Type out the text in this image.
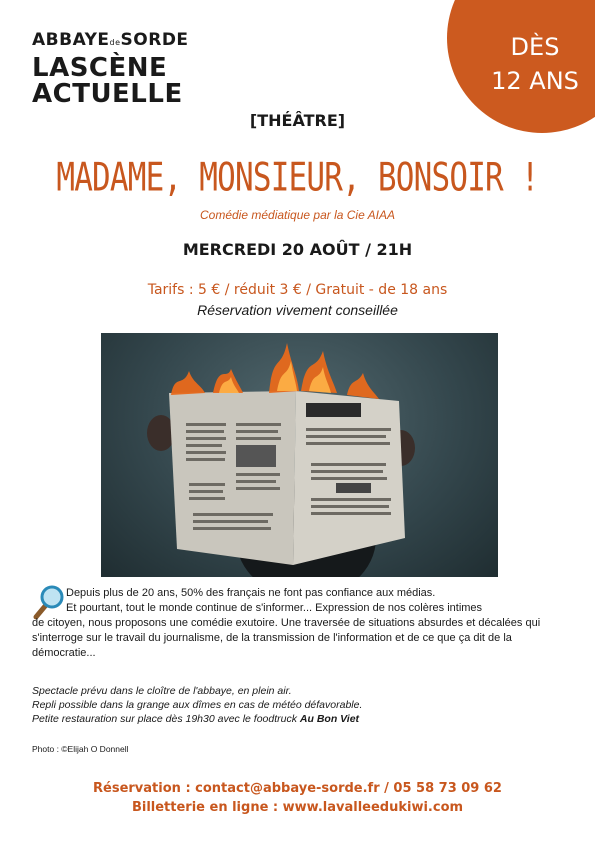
ABBAYEdeSORDE
LASCÈNE
ACTUELLE
DÈS
12 ANS
[THÉÂTRE]
MADAME, MONSIEUR, BONSOIR !
Comédie médiatique par la Cie AIAA
MERCREDI 20 AOÛT / 21H
Tarifs : 5 € / réduit 3 € / Gratuit - de 18 ans
Réservation vivement conseillée

Depuis plus de 20 ans, 50% des français ne font pas confiance aux médias.

Et pourtant, tout le monde continue de s'informer... Expression de nos colères intimes

de citoyen, nous proposons une comédie exutoire. Une traversée de situations absurdes et décalées qui s'interroge sur le travail du journalisme, de la transmission de l'information et de ce que ça dit de la démocratie...

Spectacle prévu dans le cloître de l'abbaye, en plein air.

Repli possible dans la grange aux dîmes en cas de météo défavorable.

Petite restauration sur place dès 19h30 avec le foodtruck Au Bon Viet

Photo : ©Elijah O Donnell
Réservation : contact@abbaye-sorde.fr / 05 58 73 09 62
Billetterie en ligne : www.lavalleedukiwi.com
